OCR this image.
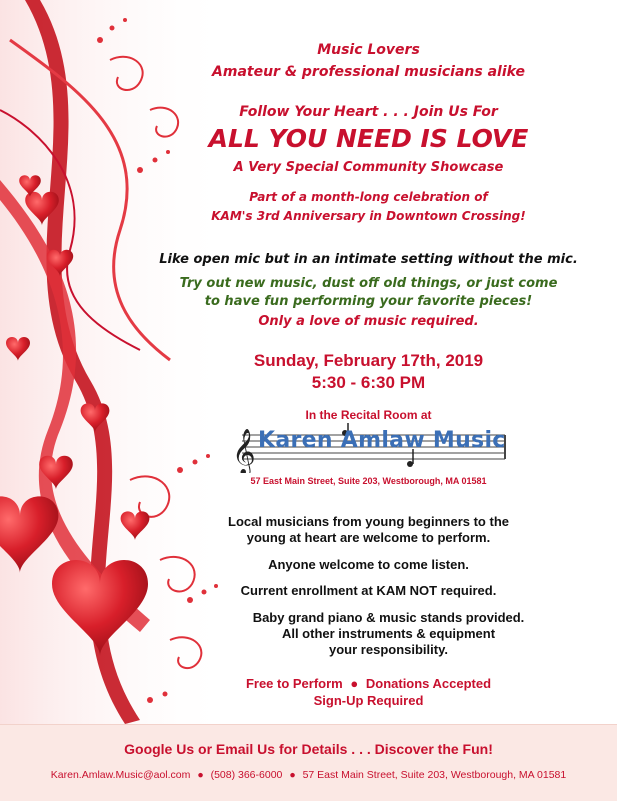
Music Lovers

Amateur & professional musicians alike

Follow Your Heart . . . Join Us For

ALL YOU NEED IS LOVE

A Very Special Community Showcase

Part of a month-long celebration of

KAM's 3rd Anniversary in Downtown Crossing!

Like open mic but in an intimate setting without the mic.

Try out new music, dust off old things, or just come

to have fun performing your favorite pieces!

Only a love of music required.

Sunday, February 17th, 2019

5:30 - 6:30 PM

In the Recital Room at

𝄞 Karen Amlaw Music

57 East Main Street, Suite 203, Westborough, MA 01581

Local musicians from young beginners to the

young at heart are welcome to perform.

Anyone welcome to come listen.

Current enrollment at KAM NOT required.

Baby grand piano & music stands provided.

All other instruments & equipment

your responsibility.

Free to Perform ● Donations Accepted

Sign-Up Required

Google Us or Email Us for Details . . . Discover the Fun!
Karen.Amlaw.Music@aol.com ● (508) 366-6000 ● 57 East Main Street, Suite 203, Westborough, MA 01581
